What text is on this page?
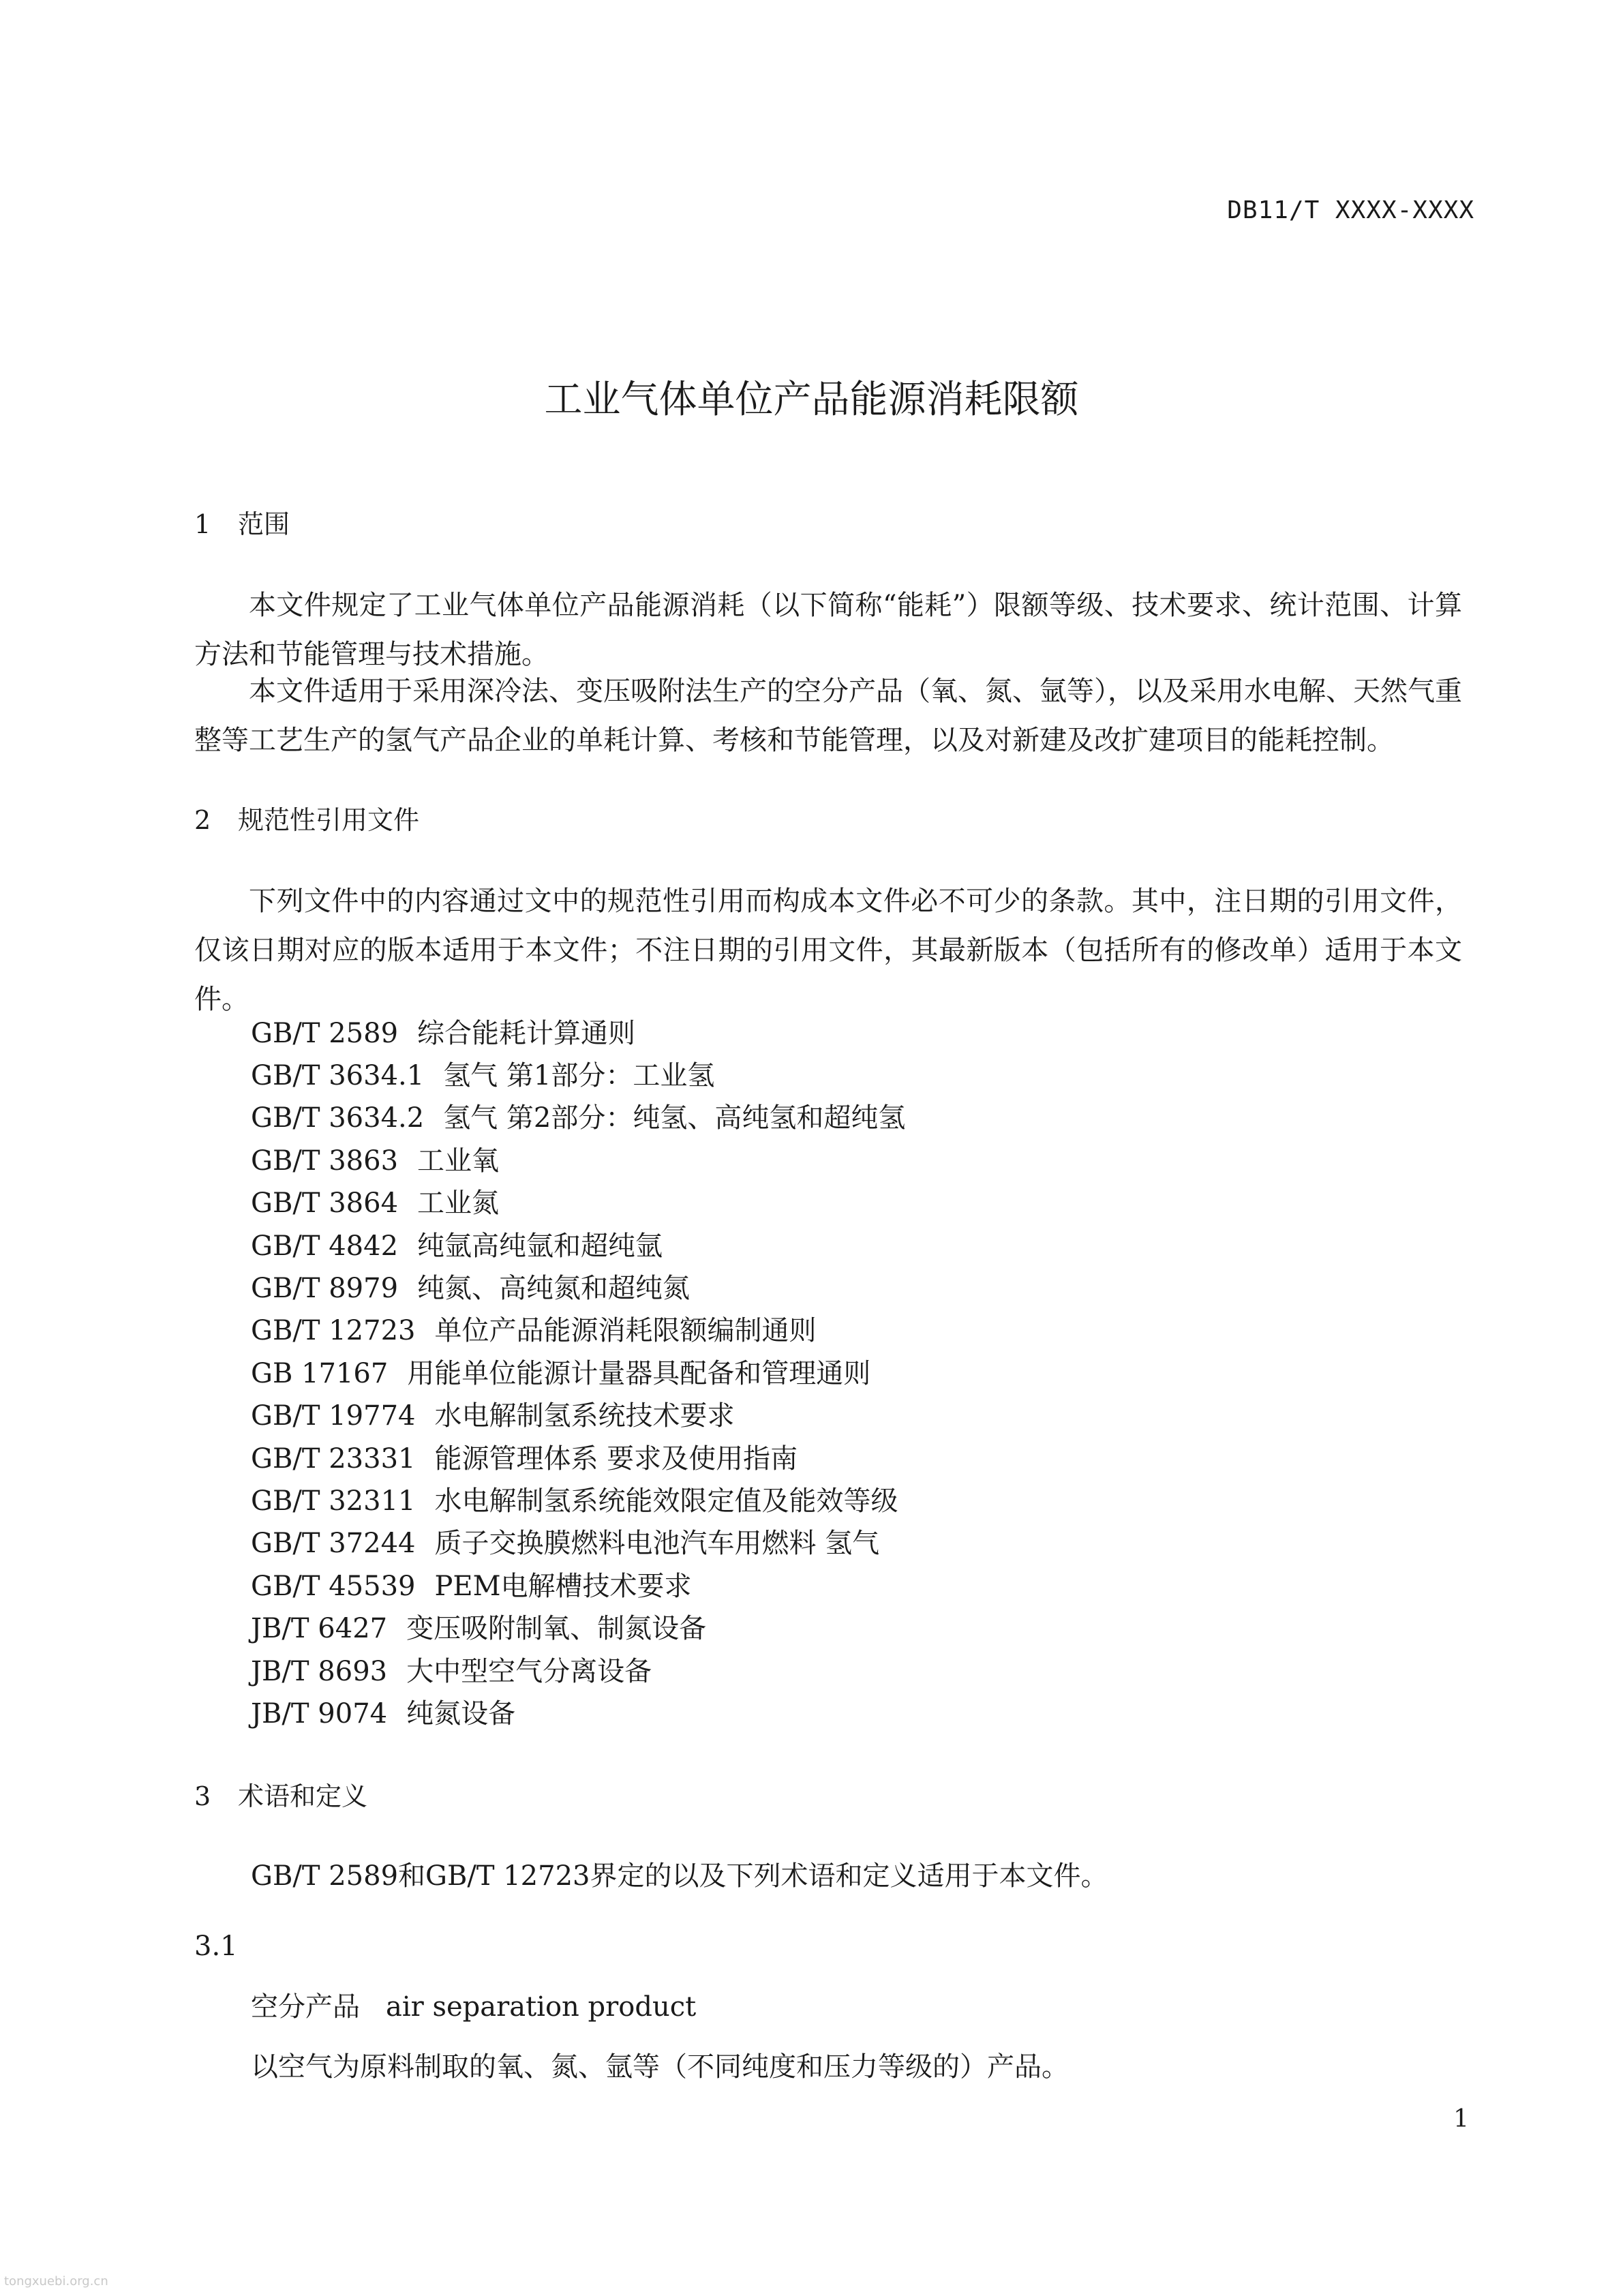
DB11/T XXXX-XXXX
工业气体单位产品能源消耗限额
1 范围
本文件规定了工业气体单位产品能源消耗（以下简称“能耗”）限额等级、技术要求、统计范围、计算方法和节能管理与技术措施。
本文件适用于采用深冷法、变压吸附法生产的空分产品（氧、氮、氩等），以及采用水电解、天然气重整等工艺生产的氢气产品企业的单耗计算、考核和节能管理，以及对新建及改扩建项目的能耗控制。
2 规范性引用文件
下列文件中的内容通过文中的规范性引用而构成本文件必不可少的条款。其中，注日期的引用文件，仅该日期对应的版本适用于本文件；不注日期的引用文件，其最新版本（包括所有的修改单）适用于本文件。
GB/T 2589 综合能耗计算通则
GB/T 3634.1 氢气 第1部分：工业氢
GB/T 3634.2 氢气 第2部分：纯氢、高纯氢和超纯氢
GB/T 3863 工业氧
GB/T 3864 工业氮
GB/T 4842 纯氩高纯氩和超纯氩
GB/T 8979 纯氮、高纯氮和超纯氮
GB/T 12723 单位产品能源消耗限额编制通则
GB 17167 用能单位能源计量器具配备和管理通则
GB/T 19774 水电解制氢系统技术要求
GB/T 23331 能源管理体系 要求及使用指南
GB/T 32311 水电解制氢系统能效限定值及能效等级
GB/T 37244 质子交换膜燃料电池汽车用燃料 氢气
GB/T 45539 PEM电解槽技术要求
JB/T 6427 变压吸附制氧、制氮设备
JB/T 8693 大中型空气分离设备
JB/T 9074 纯氮设备
3 术语和定义
GB/T 2589和GB/T 12723界定的以及下列术语和定义适用于本文件。
3.1
空分产品 air separation product
以空气为原料制取的氧、氮、氩等（不同纯度和压力等级的）产品。
1
tongxuebi.org.cn
